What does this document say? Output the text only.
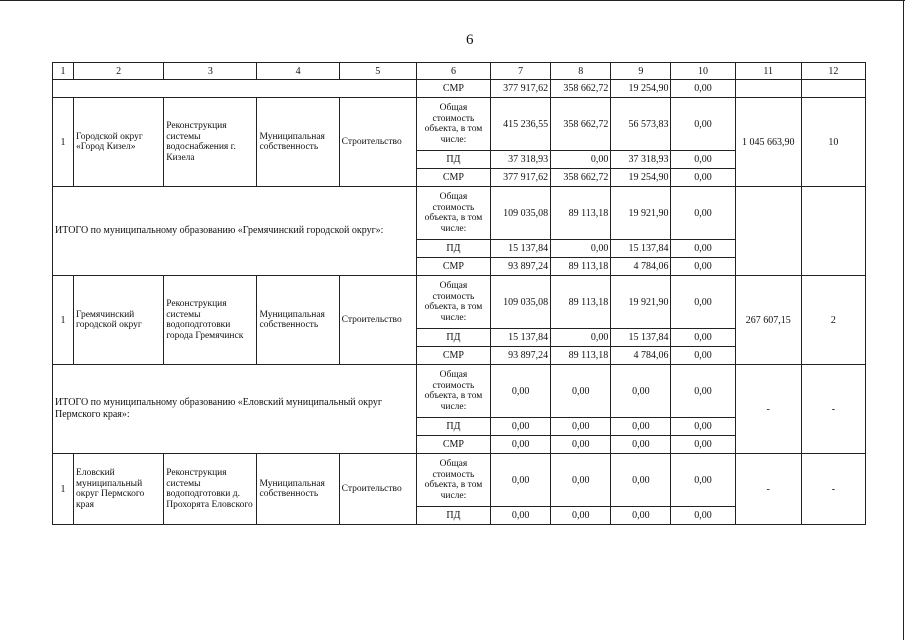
6
1	2	3	4	5	6	7	8	9	10	11	12
					СМР	377 917,62	358 662,72	19 254,90	0,00		
1	Городской округ «Город Кизел»	Реконструкция системы водоснабжения г. Кизела	Муниципальная собственность	Строительство	Общая стоимость объекта, в том числе:	415 236,55	358 662,72	56 573,83	0,00	1 045 663,90	10
					ПД	37 318,93	0,00	37 318,93	0,00		
					СМР	377 917,62	358 662,72	19 254,90	0,00		
ИТОГО по муниципальному образованию «Гремячинский городской округ»:					Общая стоимость объекта, в том числе:	109 035,08	89 113,18	19 921,90	0,00		
					ПД	15 137,84	0,00	15 137,84	0,00		
					СМР	93 897,24	89 113,18	4 784,06	0,00		
1	Гремячинский городской округ	Реконструкция системы водоподготовки города Гремячинск	Муниципальная собственность	Строительство	Общая стоимость объекта, в том числе:	109 035,08	89 113,18	19 921,90	0,00	267 607,15	2
					ПД	15 137,84	0,00	15 137,84	0,00		
					СМР	93 897,24	89 113,18	4 784,06	0,00		
ИТОГО по муниципальному образованию «Еловский муниципальный округ Пермского края»:					Общая стоимость объекта, в том числе:	0,00	0,00	0,00	0,00	-	-
					ПД	0,00	0,00	0,00	0,00		
					СМР	0,00	0,00	0,00	0,00		
1	Еловский муниципальный округ Пермского края	Реконструкция системы водоподготовки д. Прохорята Еловского	Муниципальная собственность	Строительство	Общая стоимость объекта, в том числе:	0,00	0,00	0,00	0,00	-	-
					ПД	0,00	0,00	0,00	0,00		
